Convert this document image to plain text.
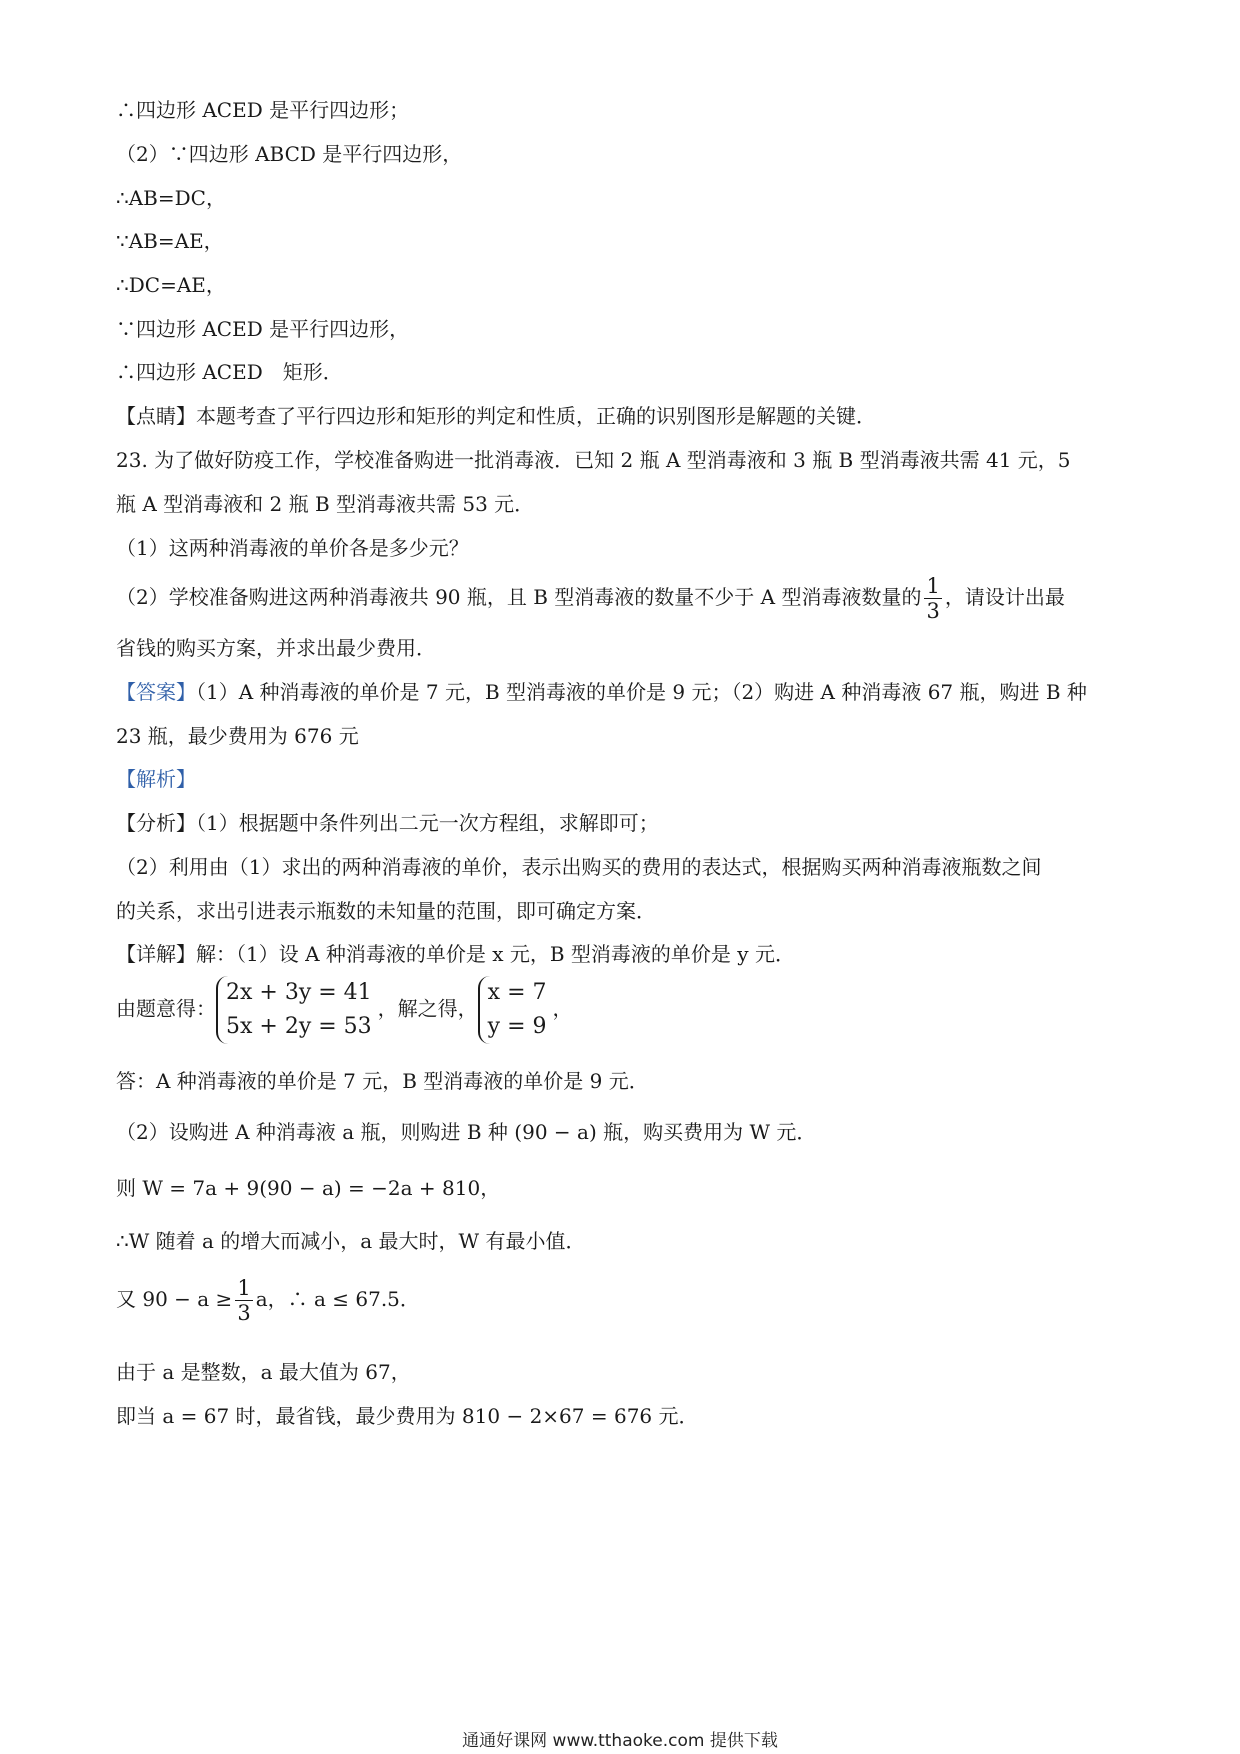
∴四边形 ACED 是平行四边形；
（2）∵四边形 ABCD 是平行四边形，
∴AB=DC，
∵AB=AE，
∴DC=AE，
∵四边形 ACED 是平行四边形，
∴四边形 ACED　矩形．
【点睛】本题考查了平行四边形和矩形的判定和性质，正确的识别图形是解题的关键．
23. 为了做好防疫工作，学校准备购进一批消毒液．已知 2 瓶 A 型消毒液和 3 瓶 B 型消毒液共需 41 元，5
瓶 A 型消毒液和 2 瓶 B 型消毒液共需 53 元．
（1）这两种消毒液的单价各是多少元？
（2）学校准备购进这两种消毒液共 90 瓶，且 B 型消毒液的数量不少于 A 型消毒液数量的 $\frac{1}{3}$ ，请设计出最
省钱的购买方案，并求出最少费用．
【答案】（1）A 种消毒液的单价是 7 元，B 型消毒液的单价是 9 元；（2）购进 A 种消毒液 67 瓶，购进 B 种
23 瓶，最少费用为 676 元
【解析】
【分析】（1）根据题中条件列出二元一次方程组，求解即可；
（2）利用由（1）求出的两种消毒液的单价，表示出购买的费用的表达式，根据购买两种消毒液瓶数之间
的关系，求出引进表示瓶数的未知量的范围，即可确定方案．
【详解】解：（1）设 A 种消毒液的单价是 x 元，B 型消毒液的单价是 y 元．
由题意得：
2x + 3y = 41
5x + 2y = 53
，解之得，
x = 7
y = 9
，
答：A 种消毒液的单价是 7 元，B 型消毒液的单价是 9 元．
（2）设购进 A 种消毒液 a 瓶，则购进 B 种 (90 − a) 瓶，购买费用为 W 元．
则 W = 7a + 9(90 − a) = −2a + 810，
∴W 随着 a 的增大而减小，a 最大时，W 有最小值．
又 $90 - a \ge \frac{1}{3}$ a，∴ a ≤ 67.5．
由于 a 是整数，a 最大值为 67，
即当 a = 67 时，最省钱，最少费用为 810 − 2×67 = 676 元．
通通好课网 www.tthaoke.com 提供下载
